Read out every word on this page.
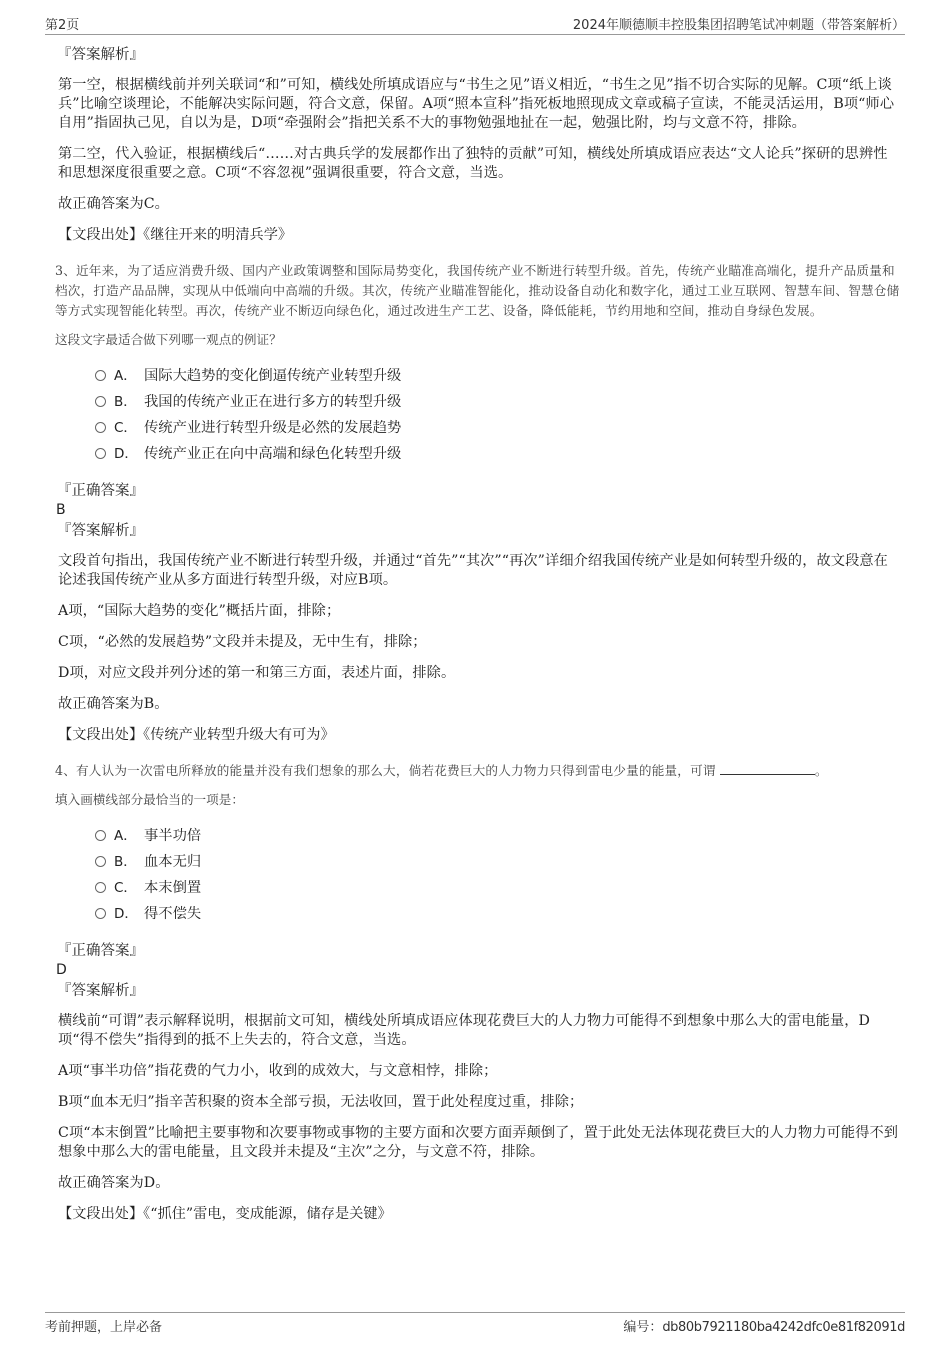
第2页	2024年顺德顺丰控股集团招聘笔试冲刺题（带答案解析）

『答案解析』

第一空，根据横线前并列关联词“和”可知，横线处所填成语应与“书生之见”语义相近，“书生之见”指不切合实际的见解。C项“纸上谈兵”比喻空谈理论，不能解决实际问题，符合文意，保留。A项“照本宣科”指死板地照现成文章或稿子宣读，不能灵活运用，B项“师心自用”指固执己见，自以为是，D项“牵强附会”指把关系不大的事物勉强地扯在一起，勉强比附，均与文意不符，排除。

第二空，代入验证，根据横线后“……对古典兵学的发展都作出了独特的贡献”可知，横线处所填成语应表达“文人论兵”探研的思辨性和思想深度很重要之意。C项“不容忽视”强调很重要，符合文意，当选。

故正确答案为C。

【文段出处】《继往开来的明清兵学》

3、近年来，为了适应消费升级、国内产业政策调整和国际局势变化，我国传统产业不断进行转型升级。首先，传统产业瞄准高端化，提升产品质量和档次，打造产品品牌，实现从中低端向中高端的升级。其次，传统产业瞄准智能化，推动设备自动化和数字化，通过工业互联网、智慧车间、智慧仓储等方式实现智能化转型。再次，传统产业不断迈向绿色化，通过改进生产工艺、设备，降低能耗，节约用地和空间，推动自身绿色发展。

这段文字最适合做下列哪一观点的例证？

A． 国际大趋势的变化倒逼传统产业转型升级
B． 我国的传统产业正在进行多方的转型升级
C． 传统产业进行转型升级是必然的发展趋势
D． 传统产业正在向中高端和绿色化转型升级

『正确答案』

B

『答案解析』

文段首句指出，我国传统产业不断进行转型升级，并通过“首先”“其次”“再次”详细介绍我国传统产业是如何转型升级的，故文段意在论述我国传统产业从多方面进行转型升级，对应B项。

A项，“国际大趋势的变化”概括片面，排除；

C项，“必然的发展趋势”文段并未提及，无中生有，排除；

D项，对应文段并列分述的第一和第三方面，表述片面，排除。

故正确答案为B。

【文段出处】《传统产业转型升级大有可为》

4、有人认为一次雷电所释放的能量并没有我们想象的那么大，倘若花费巨大的人力物力只得到雷电少量的能量，可谓	。

填入画横线部分最恰当的一项是：

A． 事半功倍
B． 血本无归
C． 本末倒置
D． 得不偿失

『正确答案』

D

『答案解析』

横线前“可谓”表示解释说明，根据前文可知，横线处所填成语应体现花费巨大的人力物力可能得不到想象中那么大的雷电能量，D项“得不偿失”指得到的抵不上失去的，符合文意，当选。

A项“事半功倍”指花费的气力小，收到的成效大，与文意相悖，排除；

B项“血本无归”指辛苦积聚的资本全部亏损，无法收回，置于此处程度过重，排除；

C项“本末倒置”比喻把主要事物和次要事物或事物的主要方面和次要方面弄颠倒了，置于此处无法体现花费巨大的人力物力可能得不到想象中那么大的雷电能量，且文段并未提及“主次”之分，与文意不符，排除。

故正确答案为D。

【文段出处】《“抓住”雷电，变成能源，储存是关键》

考前押题，上岸必备	编号：db80b7921180ba4242dfc0e81f82091d
